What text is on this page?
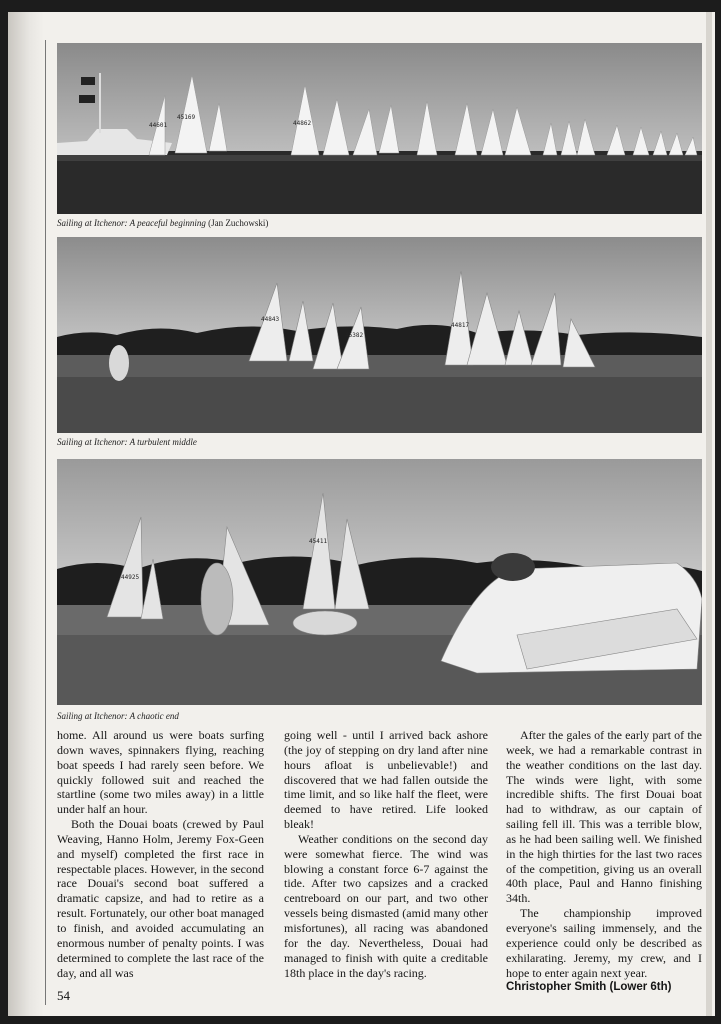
44601
45169
44862
Sailing at Itchenor: A peaceful beginning (Jan Zuchowski)
44843
45382
44817
Sailing at Itchenor: A turbulent middle
45411
44925
Sailing at Itchenor: A chaotic end

home. All around us were boats surfing down waves, spinnakers flying, reaching boat speeds I had rarely seen before. We quickly followed suit and reached the startline (some two miles away) in a little under half an hour.

Both the Douai boats (crewed by Paul Weaving, Hanno Holm, Jeremy Fox-Geen and myself) completed the first race in respectable places. However, in the second race Douai's second boat suffered a dramatic capsize, and had to retire as a result. Fortunately, our other boat managed to finish, and avoided accumulating an enormous number of penalty points. I was determined to complete the last race of the day, and all was

going well - until I arrived back ashore (the joy of stepping on dry land after nine hours afloat is unbelievable!) and discovered that we had fallen outside the time limit, and so like half the fleet, were deemed to have retired. Life looked bleak!

Weather conditions on the second day were somewhat fierce. The wind was blowing a constant force 6-7 against the tide. After two capsizes and a cracked centreboard on our part, and two other vessels being dismasted (amid many other misfortunes), all racing was abandoned for the day. Nevertheless, Douai had managed to finish with quite a creditable 18th place in the day's racing.

After the gales of the early part of the week, we had a remarkable contrast in the weather conditions on the last day. The winds were light, with some incredible shifts. The first Douai boat had to withdraw, as our captain of sailing fell ill. This was a terrible blow, as he had been sailing well. We finished in the high thirties for the last two races of the competition, giving us an overall 40th place, Paul and Hanno finishing 34th.

The championship improved everyone's sailing immensely, and the experience could only be described as exhilarating. Jeremy, my crew, and I hope to enter again next year.

Christopher Smith (Lower 6th)

54
